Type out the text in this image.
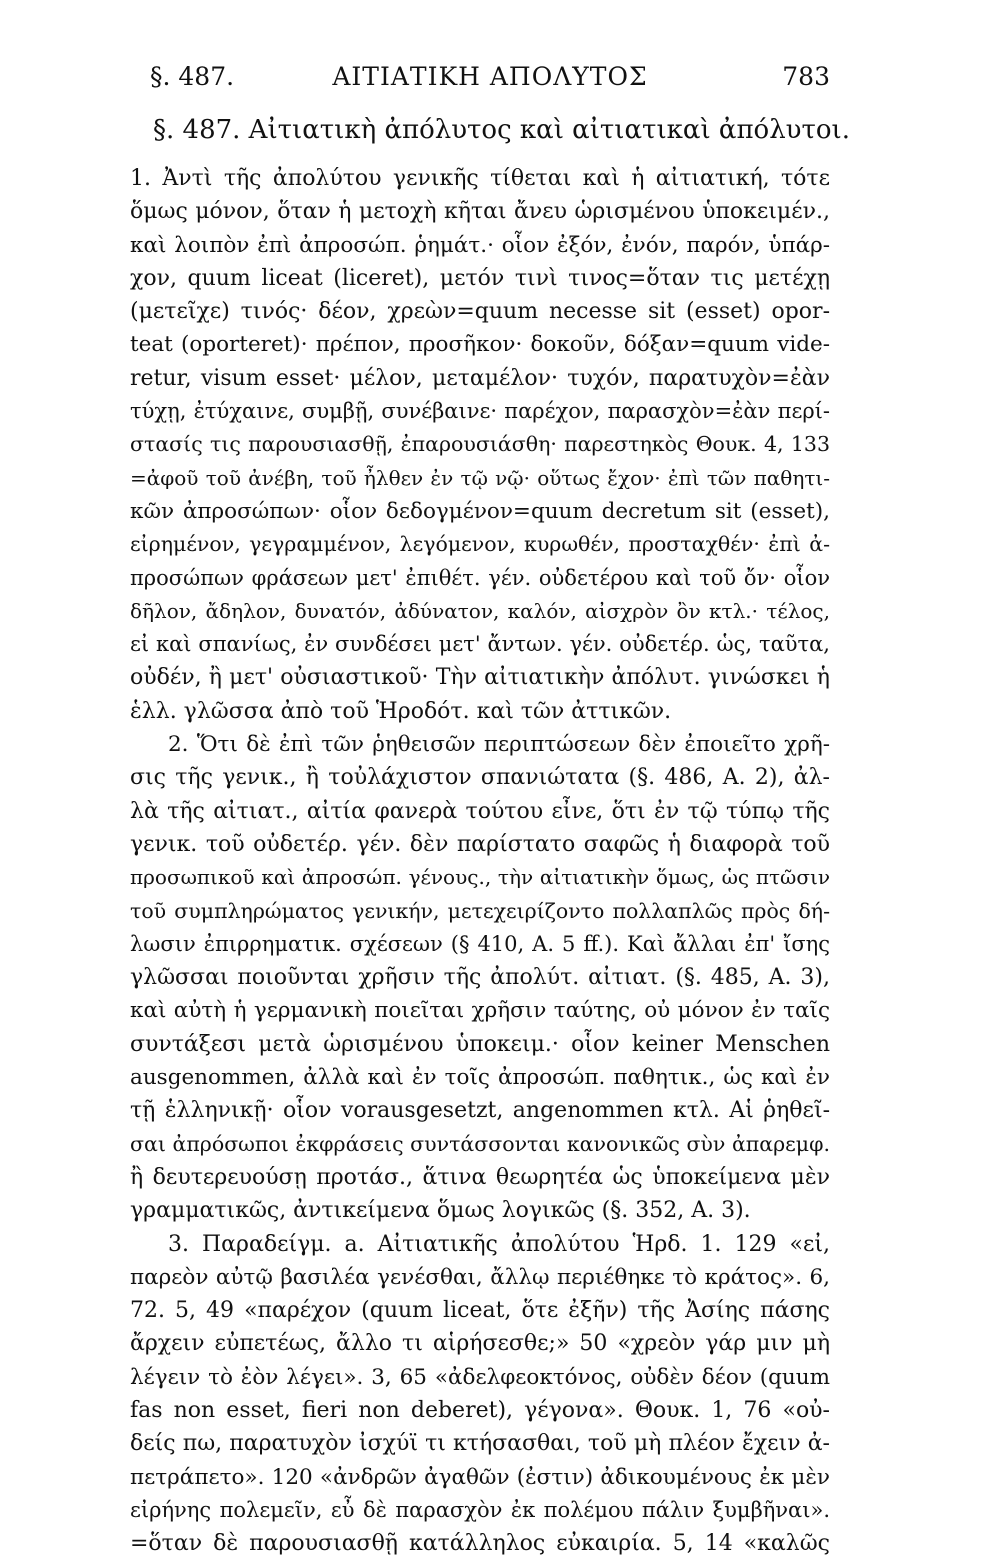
§. 487.	ΑΙΤΙΑΤΙΚΗ ΑΠΟΛΥΤΟΣ	783
§. 487. Αἰτιατικὴ ἀπόλυτος καὶ αἰτιατικαὶ ἀπόλυτοι.
1. Ἀντὶ τῆς ἀπολύτου γενικῆς τίθεται καὶ ἡ αἰτιατική, τότε
ὅμως μόνον, ὅταν ἡ μετοχὴ κῆται ἄνευ ὡρισμένου ὑποκειμέν.,
καὶ λοιπὸν ἐπὶ ἀπροσώπ. ῥημάτ.· οἷον ἐξόν, ἐνόν, παρόν, ὑπάρ-
χον, quum liceat (liceret), μετόν τινὶ τινος=ὅταν τις μετέχῃ
(μετεῖχε) τινός· δέον, χρεὼν=quum necesse sit (esset) opor-
teat (oporteret)· πρέπον, προσῆκον· δοκοῦν, δόξαν=quum vide-
retur, visum esset· μέλον, μεταμέλον· τυχόν, παρατυχὸν=ἐὰν
τύχῃ, ἐτύχαινε, συμβῇ, συνέβαινε· παρέχον, παρασχὸν=ἐὰν περί-
στασίς τις παρουσιασθῇ, ἐπαρουσιάσθη· παρεστηκὸς Θουκ. 4, 133
=ἀφοῦ τοῦ ἀνέβη, τοῦ ἦλθεν ἐν τῷ νῷ· οὕτως ἔχον· ἐπὶ τῶν παθητι-
κῶν ἀπροσώπων· οἷον δεδογμένον=quum decretum sit (esset),
εἰρημένον, γεγραμμένον, λεγόμενον, κυρωθέν, προσταχθέν· ἐπὶ ἀ-
προσώπων φράσεων μετ' ἐπιθέτ. γέν. οὐδετέρου καὶ τοῦ ὄν· οἷον
δῆλον, ἄδηλον, δυνατόν, ἀδύνατον, καλόν, αἰσχρὸν ὂν κτλ.· τέλος,
εἰ καὶ σπανίως, ἐν συνδέσει μετ' ἄντων. γέν. οὐδετέρ. ὡς, ταῦτα,
οὐδέν, ἢ μετ' οὐσιαστικοῦ· Τὴν αἰτιατικὴν ἀπόλυτ. γινώσκει ἡ
ἑλλ. γλῶσσα ἀπὸ τοῦ Ἡροδότ. καὶ τῶν ἀττικῶν.
2. Ὅτι δὲ ἐπὶ τῶν ῥηθεισῶν περιπτώσεων δὲν ἐποιεῖτο χρῆ-
σις τῆς γενικ., ἢ τοὐλάχιστον σπανιώτατα (§. 486, A. 2), ἀλ-
λὰ τῆς αἰτιατ., αἰτία φανερὰ τούτου εἶνε, ὅτι ἐν τῷ τύπῳ τῆς
γενικ. τοῦ οὐδετέρ. γέν. δὲν παρίστατο σαφῶς ἡ διαφορὰ τοῦ
προσωπικοῦ καὶ ἀπροσώπ. γένους., τὴν αἰτιατικὴν ὅμως, ὡς πτῶσιν
τοῦ συμπληρώματος γενικήν, μετεχειρίζοντο πολλαπλῶς πρὸς δή-
λωσιν ἐπιρρηματικ. σχέσεων (§ 410, A. 5 ff.). Καὶ ἄλλαι ἐπ' ἴσης
γλῶσσαι ποιοῦνται χρῆσιν τῆς ἀπολύτ. αἰτιατ. (§. 485, A. 3),
καὶ αὐτὴ ἡ γερμανικὴ ποιεῖται χρῆσιν ταύτης, οὐ μόνον ἐν ταῖς
συντάξεσι μετὰ ὡρισμένου ὑποκειμ.· οἷον keiner Menschen
ausgenommen, ἀλλὰ καὶ ἐν τοῖς ἀπροσώπ. παθητικ., ὡς καὶ ἐν
τῇ ἑλληνικῇ· οἷον vorausgesetzt, angenommen κτλ. Αἱ ῥηθεῖ-
σαι ἀπρόσωποι ἐκφράσεις συντάσσονται κανονικῶς σὺν ἀπαρεμφ.
ἢ δευτερευούσῃ προτάσ., ἅτινα θεωρητέα ὡς ὑποκείμενα μὲν
γραμματικῶς, ἀντικείμενα ὅμως λογικῶς (§. 352, A. 3).
3. Παραδείγμ. a. Αἰτιατικῆς ἀπολύτου Ἡρδ. 1. 129 «εἰ,
παρεὸν αὐτῷ βασιλέα γενέσθαι, ἄλλῳ περιέθηκε τὸ κράτος». 6,
72. 5, 49 «παρέχον (quum liceat, ὅτε ἐξῆν) τῆς Ἀσίης πάσης
ἄρχειν εὐπετέως, ἄλλο τι αἱρήσεσθε;» 50 «χρεὸν γάρ μιν μὴ
λέγειν τὸ ἐὸν λέγει». 3, 65 «ἀδελφεοκτόνος, οὐδὲν δέον (quum
fas non esset, fieri non deberet), γέγονα». Θουκ. 1, 76 «οὐ-
δείς πω, παρατυχὸν ἰσχύϊ τι κτήσασθαι, τοῦ μὴ πλέον ἔχειν ἀ-
πετράπετο». 120 «ἀνδρῶν ἀγαθῶν (ἐστιν) ἀδικουμένους ἐκ μὲν
εἰρήνης πολεμεῖν, εὖ δὲ παρασχὸν ἐκ πολέμου πάλιν ξυμβῆναι».
=ὅταν δὲ παρουσιασθῇ κατάλληλος εὐκαιρία. 5, 14 «καλῶς
